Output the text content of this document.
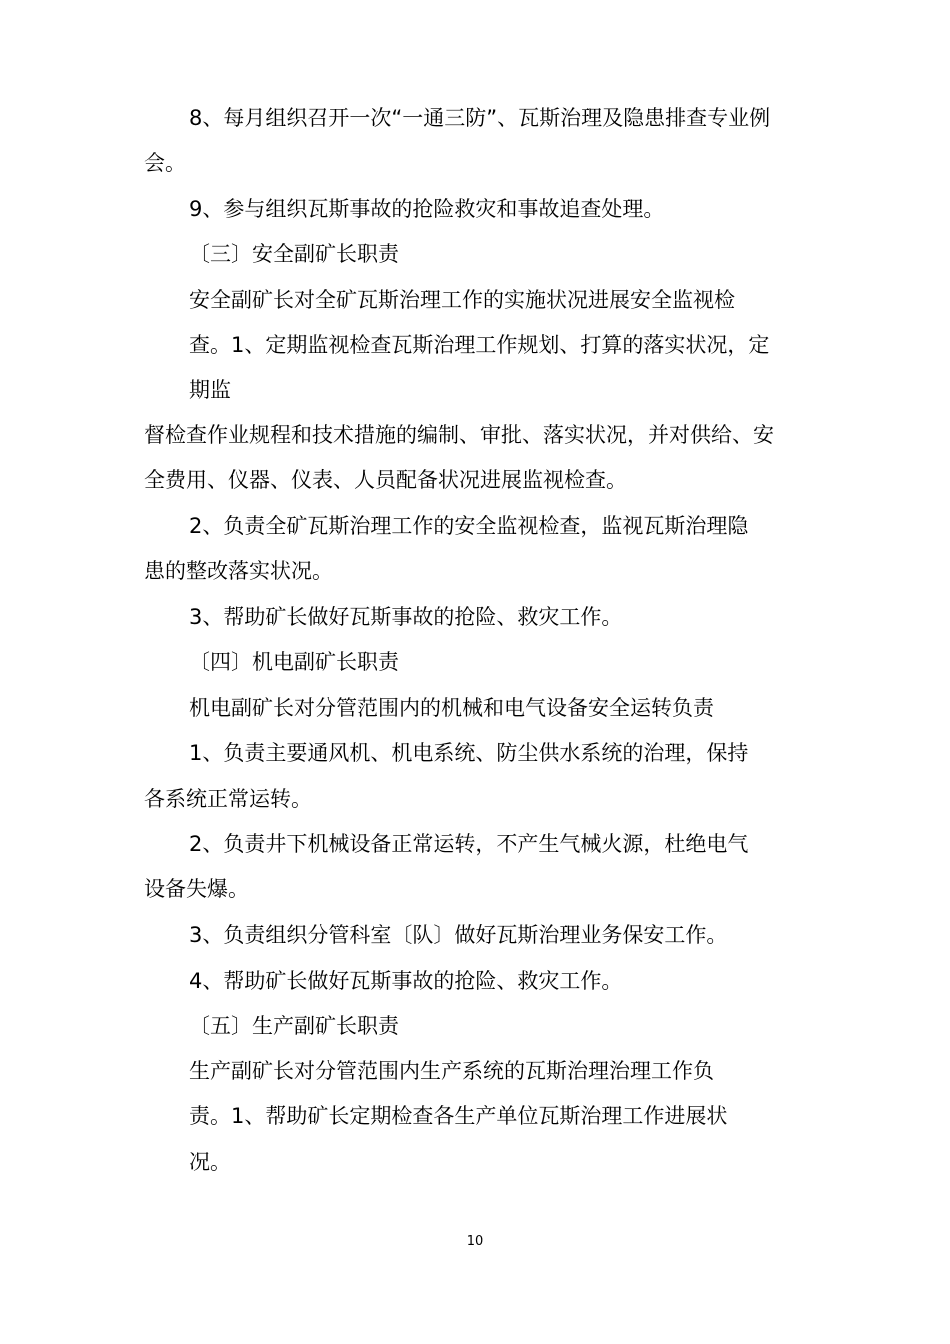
8、每月组织召开一次“一通三防”、瓦斯治理及隐患排查专业例
会。
9、参与组织瓦斯事故的抢险救灾和事故追查处理。
〔三〕安全副矿长职责
安全副矿长对全矿瓦斯治理工作的实施状况进展安全监视检
查。1、定期监视检查瓦斯治理工作规划、打算的落实状况，定
期监
督检查作业规程和技术措施的编制、审批、落实状况，并对供给、安
全费用、仪器、仪表、人员配备状况进展监视检查。
2、负责全矿瓦斯治理工作的安全监视检查，监视瓦斯治理隐
患的整改落实状况。
3、帮助矿长做好瓦斯事故的抢险、救灾工作。
〔四〕机电副矿长职责
机电副矿长对分管范围内的机械和电气设备安全运转负责
1、负责主要通风机、机电系统、防尘供水系统的治理，保持
各系统正常运转。
2、负责井下机械设备正常运转，不产生气械火源，杜绝电气
设备失爆。
3、负责组织分管科室〔队〕做好瓦斯治理业务保安工作。
4、帮助矿长做好瓦斯事故的抢险、救灾工作。
〔五〕生产副矿长职责
生产副矿长对分管范围内生产系统的瓦斯治理治理工作负
责。1、帮助矿长定期检查各生产单位瓦斯治理工作进展状
况。
10
